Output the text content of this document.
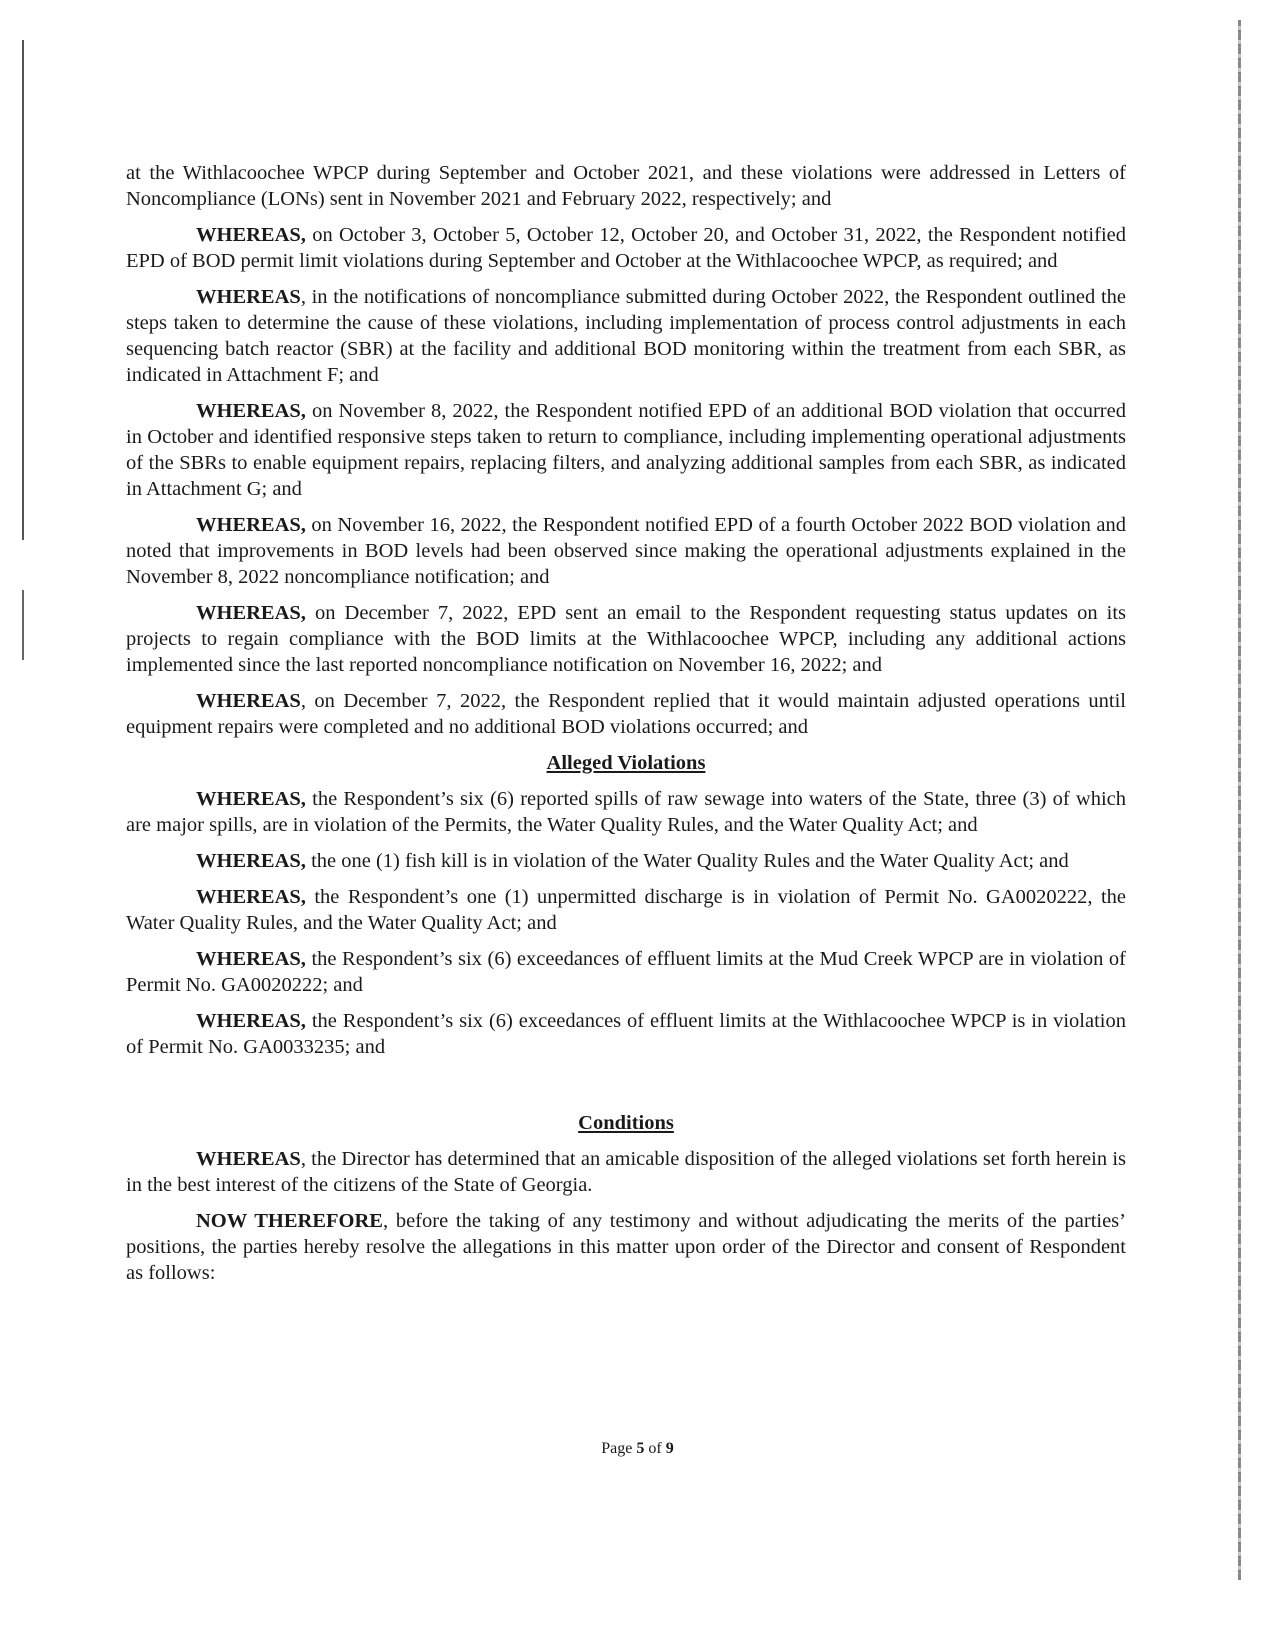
at the Withlacoochee WPCP during September and October 2021, and these violations were addressed in Letters of Noncompliance (LONs) sent in November 2021 and February 2022, respectively; and

WHEREAS, on October 3, October 5, October 12, October 20, and October 31, 2022, the Respondent notified EPD of BOD permit limit violations during September and October at the Withlacoochee WPCP, as required; and

WHEREAS, in the notifications of noncompliance submitted during October 2022, the Respondent outlined the steps taken to determine the cause of these violations, including implementation of process control adjustments in each sequencing batch reactor (SBR) at the facility and additional BOD monitoring within the treatment from each SBR, as indicated in Attachment F; and

WHEREAS, on November 8, 2022, the Respondent notified EPD of an additional BOD violation that occurred in October and identified responsive steps taken to return to compliance, including implementing operational adjustments of the SBRs to enable equipment repairs, replacing filters, and analyzing additional samples from each SBR, as indicated in Attachment G; and

WHEREAS, on November 16, 2022, the Respondent notified EPD of a fourth October 2022 BOD violation and noted that improvements in BOD levels had been observed since making the operational adjustments explained in the November 8, 2022 noncompliance notification; and

WHEREAS, on December 7, 2022, EPD sent an email to the Respondent requesting status updates on its projects to regain compliance with the BOD limits at the Withlacoochee WPCP, including any additional actions implemented since the last reported noncompliance notification on November 16, 2022; and

WHEREAS, on December 7, 2022, the Respondent replied that it would maintain adjusted operations until equipment repairs were completed and no additional BOD violations occurred; and

Alleged Violations

WHEREAS, the Respondent’s six (6) reported spills of raw sewage into waters of the State, three (3) of which are major spills, are in violation of the Permits, the Water Quality Rules, and the Water Quality Act; and

WHEREAS, the one (1) fish kill is in violation of the Water Quality Rules and the Water Quality Act; and

WHEREAS, the Respondent’s one (1) unpermitted discharge is in violation of Permit No. GA0020222, the Water Quality Rules, and the Water Quality Act; and

WHEREAS, the Respondent’s six (6) exceedances of effluent limits at the Mud Creek WPCP are in violation of Permit No. GA0020222; and

WHEREAS, the Respondent’s six (6) exceedances of effluent limits at the Withlacoochee WPCP is in violation of Permit No. GA0033235; and

Conditions

WHEREAS, the Director has determined that an amicable disposition of the alleged violations set forth herein is in the best interest of the citizens of the State of Georgia.

NOW THEREFORE, before the taking of any testimony and without adjudicating the merits of the parties’ positions, the parties hereby resolve the allegations in this matter upon order of the Director and consent of Respondent as follows:

Page 5 of 9
